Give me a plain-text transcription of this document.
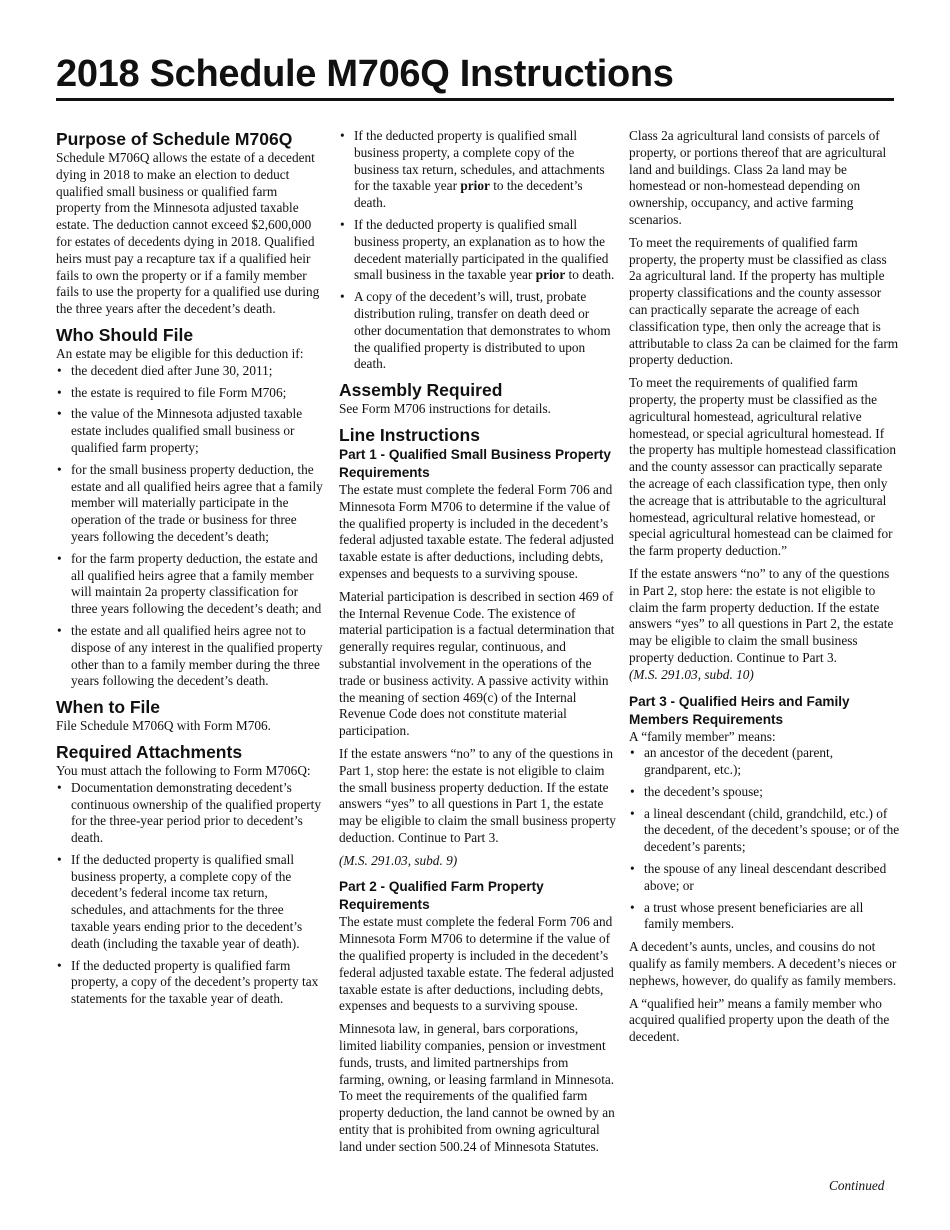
2018 Schedule M706Q Instructions
Purpose of Schedule M706Q

Schedule M706Q allows the estate of a decedent dying in 2018 to make an election to deduct qualified small business or qualified farm property from the Minnesota adjusted taxable estate. The deduction cannot exceed $2,600,000 for estates of decedents dying in 2018. Qualified heirs must pay a recapture tax if a qualified heir fails to own the property or if a family member fails to use the property for a qualified use during the three years after the decedent’s death.

Who Should File

An estate may be eligible for this deduction if:

• the decedent died after June 30, 2011;
• the estate is required to file Form M706;
• the value of the Minnesota adjusted taxable estate includes qualified small business or qualified farm property;
• for the small business property deduction, the estate and all qualified heirs agree that a family member will materially participate in the operation of the trade or business for three years following the decedent’s death;
• for the farm property deduction, the estate and all qualified heirs agree that a family member will maintain 2a property classification for three years following the decedent’s death; and
• the estate and all qualified heirs agree not to dispose of any interest in the qualified property other than to a family member during the three years following the decedent’s death.
When to File

File Schedule M706Q with Form M706.

Required Attachments

You must attach the following to Form M706Q:

• Documentation demonstrating decedent’s continuous ownership of the qualified property for the three-year period prior to decedent’s death.
• If the deducted property is qualified small business property, a complete copy of the decedent’s federal income tax return, schedules, and attachments for the three taxable years ending prior to the decedent’s death (including the taxable year of death).
• If the deducted property is qualified farm property, a copy of the decedent’s property tax statements for the taxable year of death.
• If the deducted property is qualified small business property, a complete copy of the business tax return, schedules, and attachments for the taxable year prior to the decedent’s death.
• If the deducted property is qualified small business property, an explanation as to how the decedent materially participated in the qualified small business in the taxable year prior to death.
• A copy of the decedent’s will, trust, probate distribution ruling, transfer on death deed or other documentation that demonstrates to whom the qualified property is distributed to upon death.
Assembly Required

See Form M706 instructions for details.

Line Instructions
Part 1 - Qualified Small Business Property Requirements

The estate must complete the federal Form 706 and Minnesota Form M706 to determine if the value of the qualified property is included in the decedent’s federal adjusted taxable estate. The federal adjusted taxable estate is after deductions, including debts, expenses and bequests to a surviving spouse.

Material participation is described in section 469 of the Internal Revenue Code. The existence of material participation is a factual determination that generally requires regular, continuous, and substantial involvement in the operations of the trade or business activity. A passive activity within the meaning of section 469(c) of the Internal Revenue Code does not constitute material participation.

If the estate answers “no” to any of the questions in Part 1, stop here: the estate is not eligible to claim the small business property deduction. If the estate answers “yes” to all questions in Part 1, the estate may be eligible to claim the small business property deduction. Continue to Part 3.

(M.S. 291.03, subd. 9)

Part 2 - Qualified Farm Property Requirements

The estate must complete the federal Form 706 and Minnesota Form M706 to determine if the value of the qualified property is included in the decedent’s federal adjusted taxable estate. The federal adjusted taxable estate is after deductions, including debts, expenses and bequests to a surviving spouse.

Minnesota law, in general, bars corporations, limited liability companies, pension or investment funds, trusts, and limited partnerships from farming, owning, or leasing farmland in Minnesota. To meet the requirements of the qualified farm property deduction, the land cannot be owned by an entity that is prohibited from owning agricultural land under section 500.24 of Minnesota Statutes.

Class 2a agricultural land consists of parcels of property, or portions thereof that are agricultural land and buildings. Class 2a land may be homestead or non-homestead depending on ownership, occupancy, and active farming scenarios.

To meet the requirements of qualified farm property, the property must be classified as class 2a agricultural land. If the property has multiple property classifications and the county assessor can practically separate the acreage of each classification type, then only the acreage that is attributable to class 2a can be claimed for the farm property deduction.

To meet the requirements of qualified farm property, the property must be classified as the agricultural homestead, agricultural relative homestead, or special agricultural homestead. If the property has multiple homestead classification and the county assessor can practically separate the acreage of each classification type, then only the acreage that is attributable to the agricultural homestead, agricultural relative homestead, or special agricultural homestead can be claimed for the farm property deduction.”

If the estate answers “no” to any of the questions in Part 2, stop here: the estate is not eligible to claim the farm property deduction. If the estate answers “yes” to all questions in Part 2, the estate may be eligible to claim the small business property deduction. Continue to Part 3.

(M.S. 291.03, subd. 10)

Part 3 - Qualified Heirs and Family Members Requirements

A “family member” means:

• an ancestor of the decedent (parent, grandparent, etc.);
• the decedent’s spouse;
• a lineal descendant (child, grandchild, etc.) of the decedent, of the decedent’s spouse; or of the decedent’s parents;
• the spouse of any lineal descendant described above; or
• a trust whose present beneficiaries are all family members.

A decedent’s aunts, uncles, and cousins do not qualify as family members. A decedent’s nieces or nephews, however, do qualify as family members.

A “qualified heir” means a family member who acquired qualified property upon the death of the decedent.

Continued
